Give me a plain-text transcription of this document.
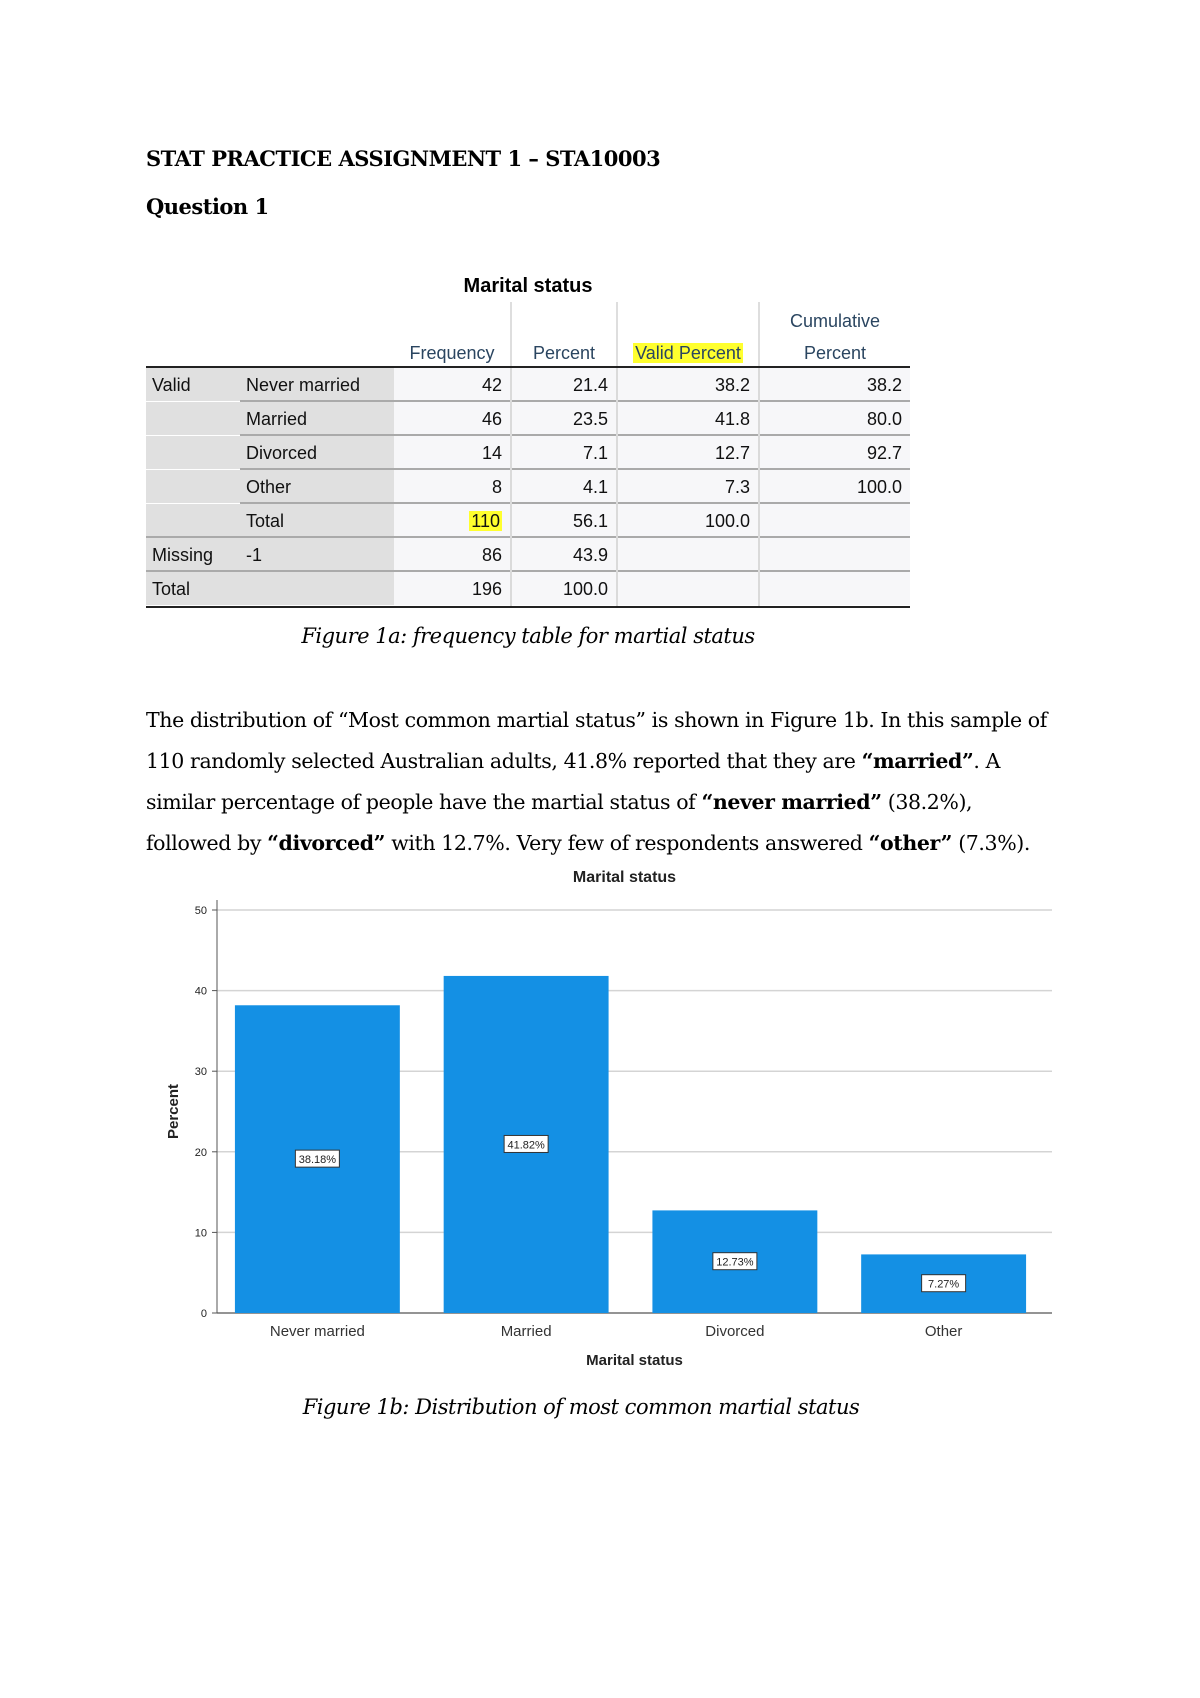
STAT PRACTICE ASSIGNMENT 1 – STA10003
Question 1
Marital status
Frequency	Percent	Valid Percent
Cumulative
Percent
Valid	Never married	42	21.4	38.2	38.2
Married	46	23.5	41.8	80.0
Divorced	14	7.1	12.7	92.7
Other	8	4.1	7.3	100.0
Total	110	56.1	100.0
Missing	-1	86	43.9
Total	196	100.0
Figure 1a: frequency table for martial status
The distribution of “Most common martial status” is shown in Figure 1b. In this sample of 110 randomly selected Australian adults, 41.8% reported that they are “married”. A similar percentage of people have the martial status of “never married” (38.2%), followed by “divorced” with 12.7%. Very few of respondents answered “other” (7.3%).
Marital status
0
10
20
30
40
50
38.18%
Never married
41.82%
Married
12.73%
Divorced
7.27%
Other
Marital status
Percent
Figure 1b: Distribution of most common martial status
